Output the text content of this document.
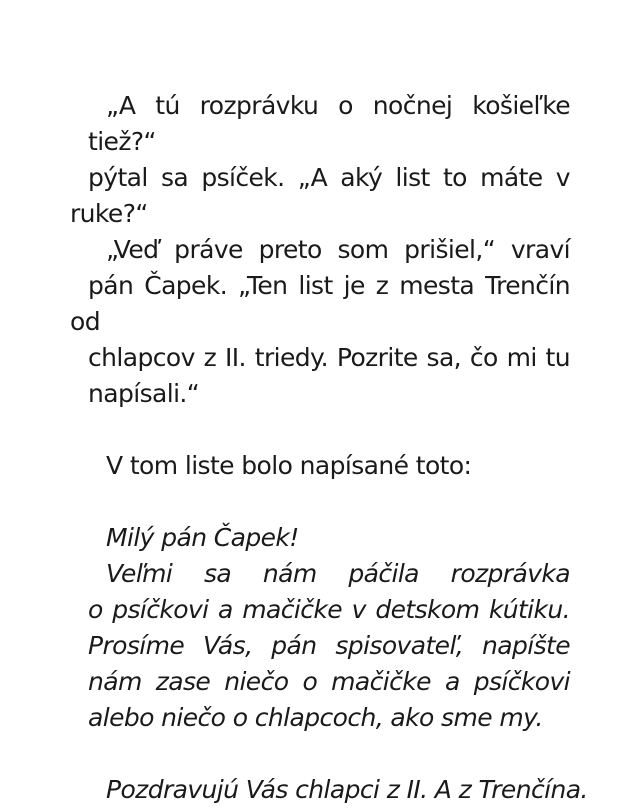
„A tú rozprávku o nočnej košieľke tiež?“
pýtal sa psíček. „A aký list to máte v ruke?“
„Veď práve preto som prišiel,“ vraví
pán Čapek. „Ten list je z mesta Trenčín od
chlapcov z II. triedy. Pozrite sa, čo mi tu
napísali.“
V tom liste bolo napísané toto:
Milý pán Čapek!
Veľmi sa nám páčila rozprávka
o psíčkovi a mačičke v detskom kútiku.
Prosíme Vás, pán spisovateľ, napíšte
nám zase niečo o mačičke a psíčkovi
alebo niečo o chlapcoch, ako sme my.
Pozdravujú Vás chlapci z II. A z Trenčína.
